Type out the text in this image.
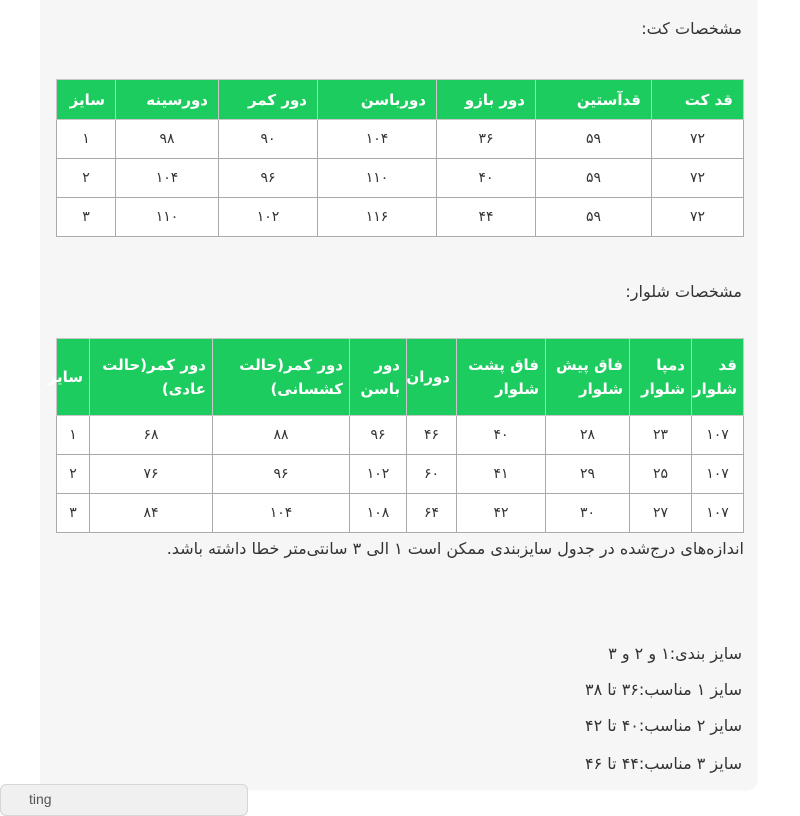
مشخصات کت:
قد کت	قدآستین	دور بازو	دورباسن	دور کمر	دورسینه	سایز
۷۲	۵۹	۳۶	۱۰۴	۹۰	۹۸	۱
۷۲	۵۹	۴۰	۱۱۰	۹۶	۱۰۴	۲
۷۲	۵۹	۴۴	۱۱۶	۱۰۲	۱۱۰	۳
مشخصات شلوار:
قد شلوار	دمپا شلوار	فاق پیش شلوار	فاق پشت شلوار	دوران	دور باسن	دور کمر(حالت کشسانی)	دور کمر(حالت عادی)	سایز
۱۰۷	۲۳	۲۸	۴۰	۴۶	۹۶	۸۸	۶۸	۱
۱۰۷	۲۵	۲۹	۴۱	۶۰	۱۰۲	۹۶	۷۶	۲
۱۰۷	۲۷	۳۰	۴۲	۶۴	۱۰۸	۱۰۴	۸۴	۳
اندازه‌های درج‌شده در جدول سایزبندی ممکن است ۱ الی ۳ سانتی‌متر خطا داشته باشد.
سایز بندی:۱ و ۲ و ۳
سایز ۱ مناسب:۳۶ تا ۳۸
سایز ۲ مناسب:۴۰ تا ۴۲
سایز ۳ مناسب:۴۴ تا ۴۶
ting
